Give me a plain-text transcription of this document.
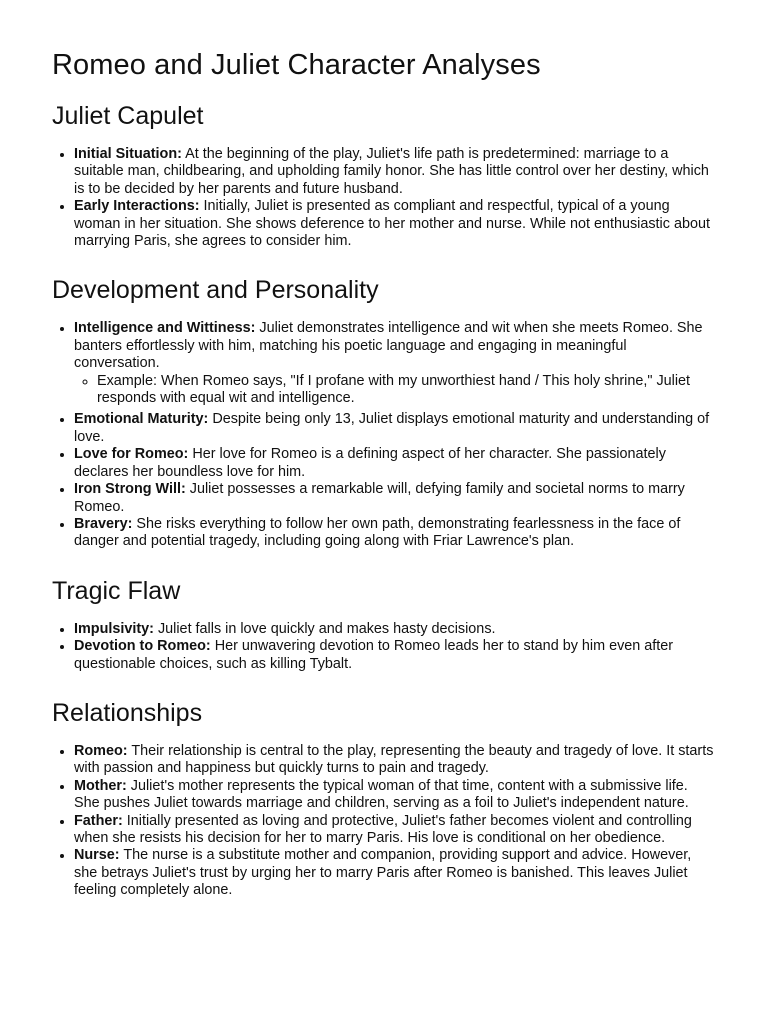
Romeo and Juliet Character Analyses
Juliet Capulet
• Initial Situation: At the beginning of the play, Juliet's life path is predetermined: marriage to a suitable man, childbearing, and upholding family honor. She has little control over her destiny, which is to be decided by her parents and future husband.
• Early Interactions: Initially, Juliet is presented as compliant and respectful, typical of a young woman in her situation. She shows deference to her mother and nurse. While not enthusiastic about marrying Paris, she agrees to consider him.
Development and Personality
• Intelligence and Wittiness: Juliet demonstrates intelligence and wit when she meets Romeo. She banters effortlessly with him, matching his poetic language and engaging in meaningful conversation.
◦ Example: When Romeo says, "If I profane with my unworthiest hand / This holy shrine," Juliet responds with equal wit and intelligence.
• Emotional Maturity: Despite being only 13, Juliet displays emotional maturity and understanding of love.
• Love for Romeo: Her love for Romeo is a defining aspect of her character. She passionately declares her boundless love for him.
• Iron Strong Will: Juliet possesses a remarkable will, defying family and societal norms to marry Romeo.
• Bravery: She risks everything to follow her own path, demonstrating fearlessness in the face of danger and potential tragedy, including going along with Friar Lawrence's plan.
Tragic Flaw
• Impulsivity: Juliet falls in love quickly and makes hasty decisions.
• Devotion to Romeo: Her unwavering devotion to Romeo leads her to stand by him even after questionable choices, such as killing Tybalt.
Relationships
• Romeo: Their relationship is central to the play, representing the beauty and tragedy of love. It starts with passion and happiness but quickly turns to pain and tragedy.
• Mother: Juliet's mother represents the typical woman of that time, content with a submissive life. She pushes Juliet towards marriage and children, serving as a foil to Juliet's independent nature.
• Father: Initially presented as loving and protective, Juliet's father becomes violent and controlling when she resists his decision for her to marry Paris. His love is conditional on her obedience.
• Nurse: The nurse is a substitute mother and companion, providing support and advice. However, she betrays Juliet's trust by urging her to marry Paris after Romeo is banished. This leaves Juliet feeling completely alone.
